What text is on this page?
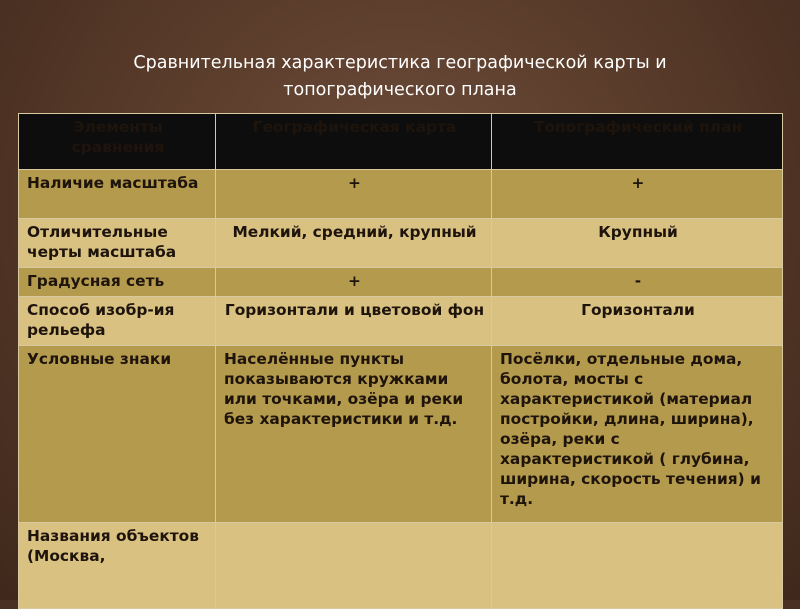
Сравнительная характеристика географической карты и
топографического плана
Элементы сравнения	Географическая карта	Топографический план
Наличие масштаба	+	+
Отличительные черты масштаба	Мелкий, средний, крупный	Крупный
Градусная сеть	+	-
Способ изобр-ия рельефа	Горизонтали и цветовой фон	Горизонтали
Условные знаки	Населённые пункты показываются кружками или точками, озёра и реки без характеристики и т.д.	Посёлки, отдельные дома, болота, мосты с характеристикой (материал постройки, длина, ширина), озёра, реки с характеристикой ( глубина, ширина, скорость течения) и т.д.
Названия объектов (Москва,		
